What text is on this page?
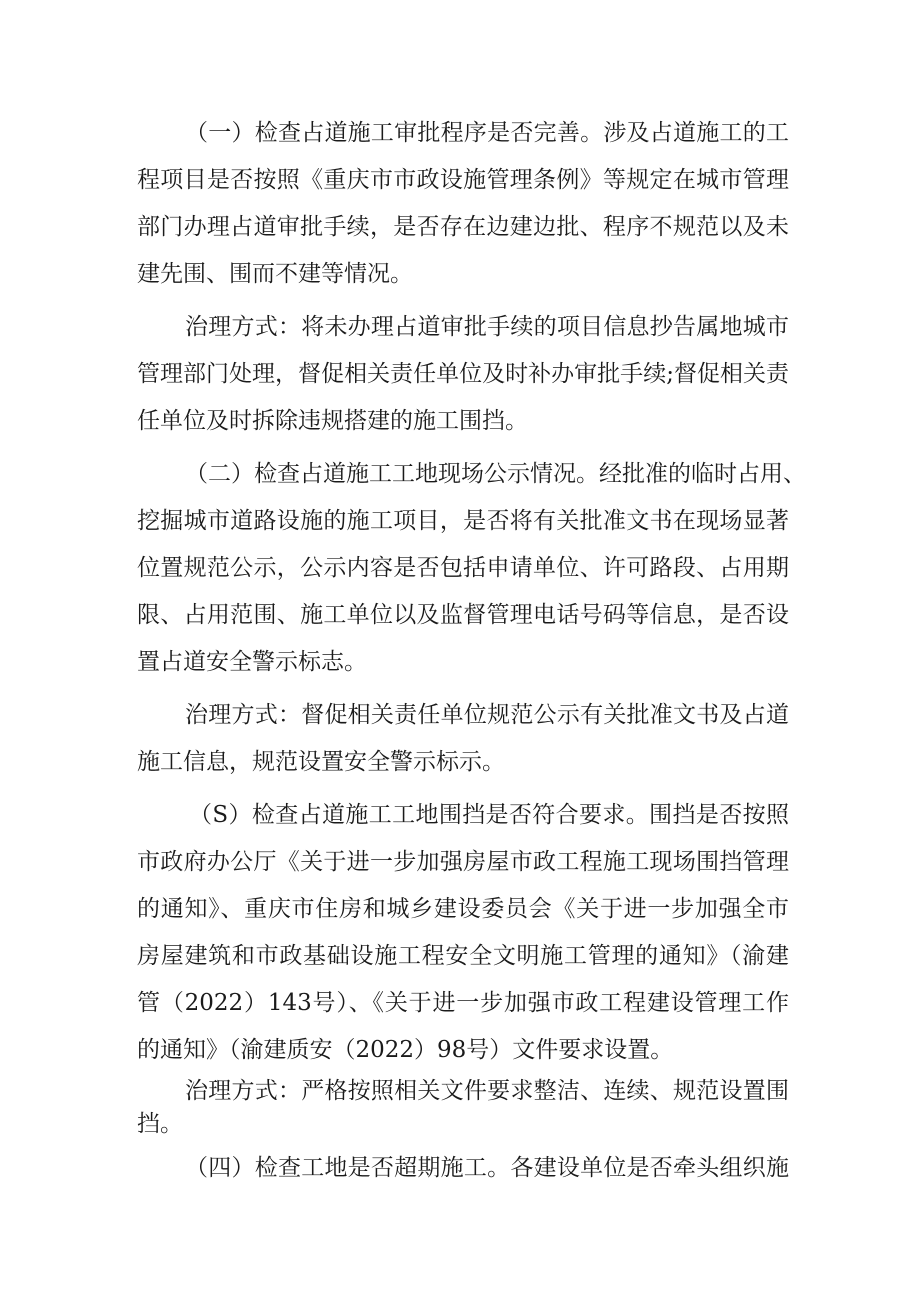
（一）检查占道施工审批程序是否完善。涉及占道施工的工
程项目是否按照《重庆市市政设施管理条例》等规定在城市管理
部门办理占道审批手续，是否存在边建边批、程序不规范以及未
建先围、围而不建等情况。
治理方式：将未办理占道审批手续的项目信息抄告属地城市
管理部门处理，督促相关责任单位及时补办审批手续;督促相关责
任单位及时拆除违规搭建的施工围挡。
（二）检查占道施工工地现场公示情况。经批准的临时占用、
挖掘城市道路设施的施工项目，是否将有关批准文书在现场显著
位置规范公示，公示内容是否包括申请单位、许可路段、占用期
限、占用范围、施工单位以及监督管理电话号码等信息，是否设
置占道安全警示标志。
治理方式：督促相关责任单位规范公示有关批准文书及占道
施工信息，规范设置安全警示标示。
（S）检查占道施工工地围挡是否符合要求。围挡是否按照
市政府办公厅《关于进一步加强房屋市政工程施工现场围挡管理
的通知》、重庆市住房和城乡建设委员会《关于进一步加强全市
房屋建筑和市政基础设施工程安全文明施工管理的通知》（渝建
管（2022）143号）、《关于进一步加强市政工程建设管理工作
的通知》（渝建质安（2022）98号）文件要求设置。
治理方式：严格按照相关文件要求整洁、连续、规范设置围
挡。
（四）检查工地是否超期施工。各建设单位是否牵头组织施
